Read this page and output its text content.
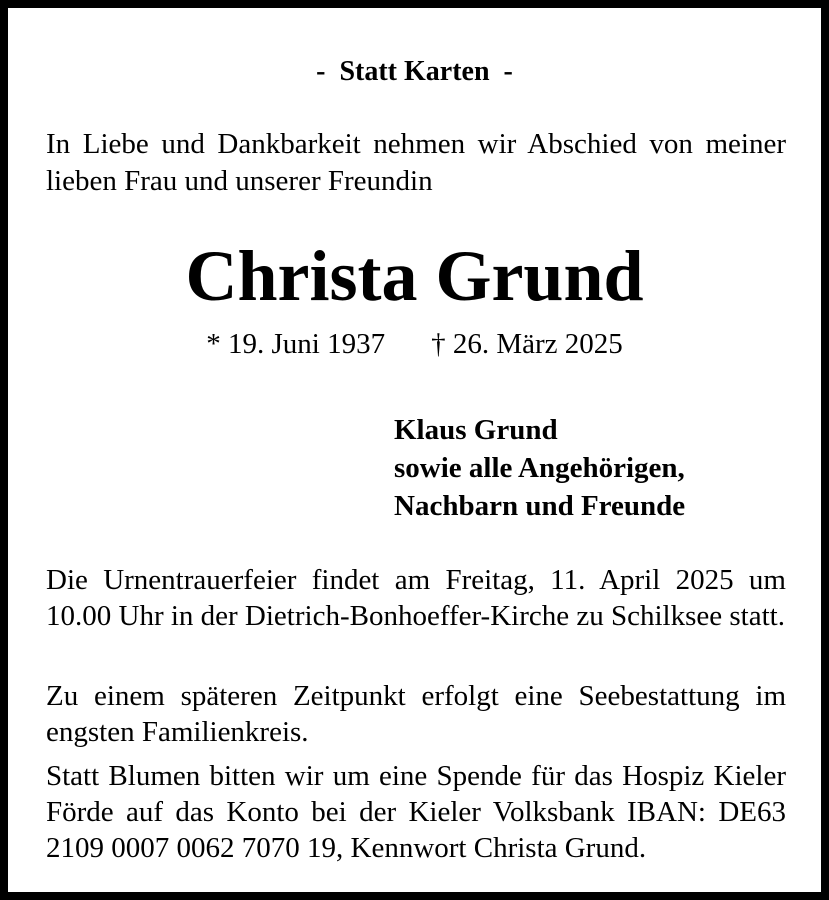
-  Statt Karten  -
In Liebe und Dankbarkeit nehmen wir Abschied von meiner lieben Frau und unserer Freundin
Christa Grund
* 19. Juni 1937 † 26. März 2025
Klaus Grund
sowie alle Angehörigen,
Nachbarn und Freunde
Die Urnentrauerfeier findet am Freitag, 11. April 2025 um 10.00 Uhr in der Dietrich-Bonhoeffer-Kirche zu Schilksee statt.
Zu einem späteren Zeitpunkt erfolgt eine Seebestattung im engsten Familienkreis.
Statt Blumen bitten wir um eine Spende für das Hospiz Kieler Förde auf das Konto bei der Kieler Volksbank IBAN: DE63 2109 0007 0062 7070 19, Kennwort Christa Grund.
